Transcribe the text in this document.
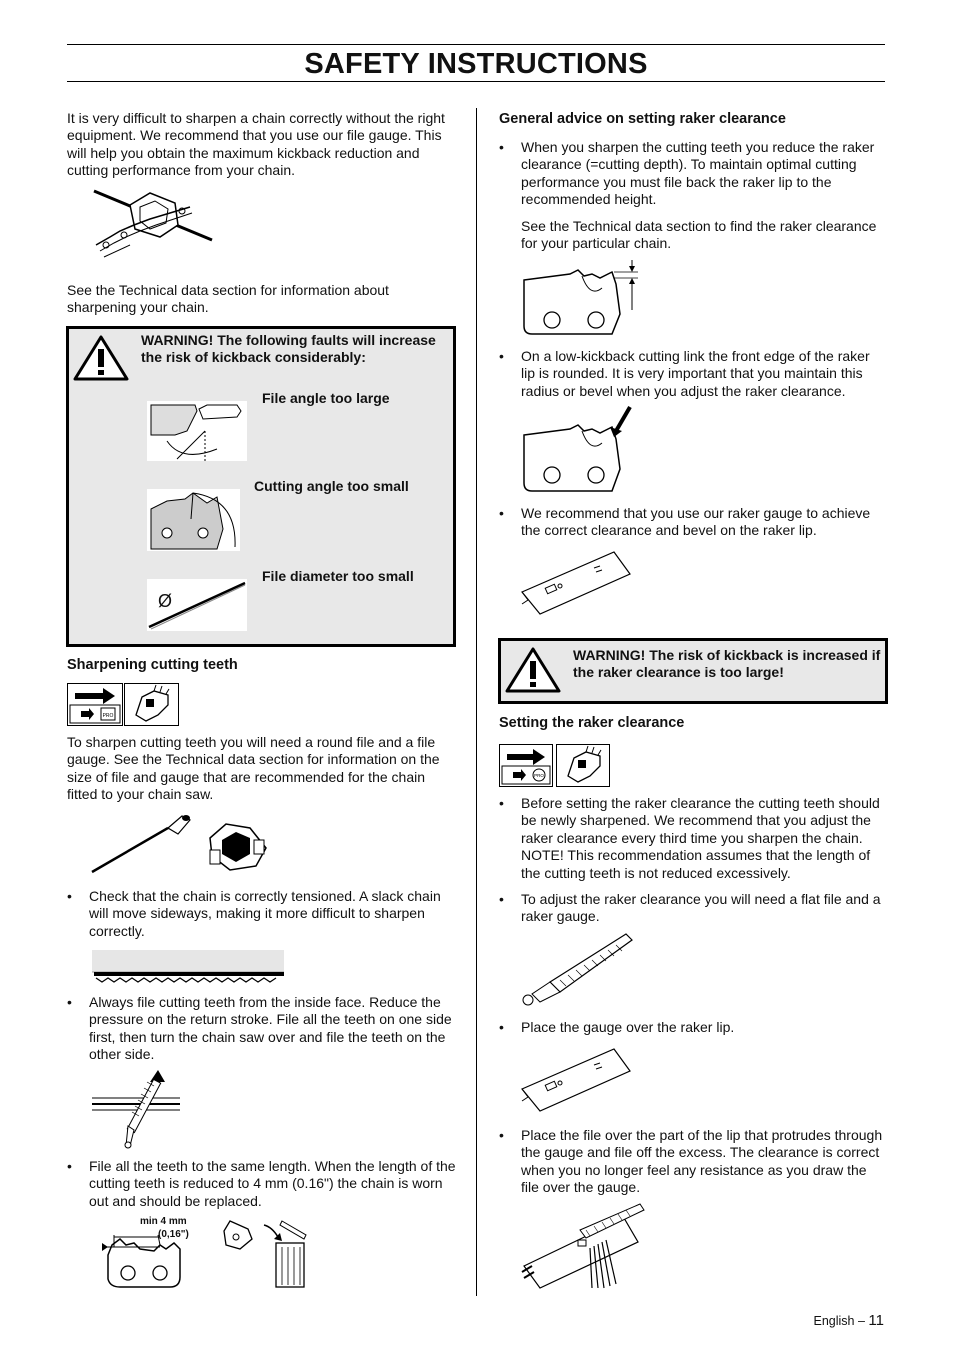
SAFETY INSTRUCTIONS
It is very difficult to sharpen a chain correctly without the right equipment. We recommend that you use our file gauge. This will help you obtain the maximum kickback reduction and cutting performance from your chain.
See the Technical data section for information about sharpening your chain.
WARNING! The following faults will increase the risk of kickback considerably:
File angle too large
Cutting angle too small
Ø
File diameter too small
Sharpening cutting teeth
PRO
To sharpen cutting teeth you will need a round file and a file gauge. See the Technical data section for information on the size of file and gauge that are recommended for the chain fitted to your chain saw.
• Check that the chain is correctly tensioned. A slack chain will move sideways, making it more difficult to sharpen correctly.
• Always file cutting teeth from the inside face. Reduce the pressure on the return stroke. File all the teeth on one side first, then turn the chain saw over and file the teeth on the other side.
• File all the teeth to the same length. When the length of the cutting teeth is reduced to 4 mm (0.16") the chain is worn out and should be replaced.
min 4 mm
(0,16")
General advice on setting raker clearance
• When you sharpen the cutting teeth you reduce the raker clearance (=cutting depth). To maintain optimal cutting performance you must file back the raker lip to the recommended height.
See the Technical data section to find the raker clearance for your particular chain.
• On a low-kickback cutting link the front edge of the raker lip is rounded. It is very important that you maintain this radius or bevel when you adjust the raker clearance.
• We recommend that you use our raker gauge to achieve the correct clearance and bevel on the raker lip.
WARNING! The risk of kickback is increased if the raker clearance is too large!
Setting the raker clearance
PRO
• Before setting the raker clearance the cutting teeth should be newly sharpened. We recommend that you adjust the raker clearance every third time you sharpen the chain. NOTE! This recommendation assumes that the length of the cutting teeth is not reduced excessively.
• To adjust the raker clearance you will need a flat file and a raker gauge.
• Place the gauge over the raker lip.
• Place the file over the part of the lip that protrudes through the gauge and file off the excess. The clearance is correct when you no longer feel any resistance as you draw the file over the gauge.
English – 11
